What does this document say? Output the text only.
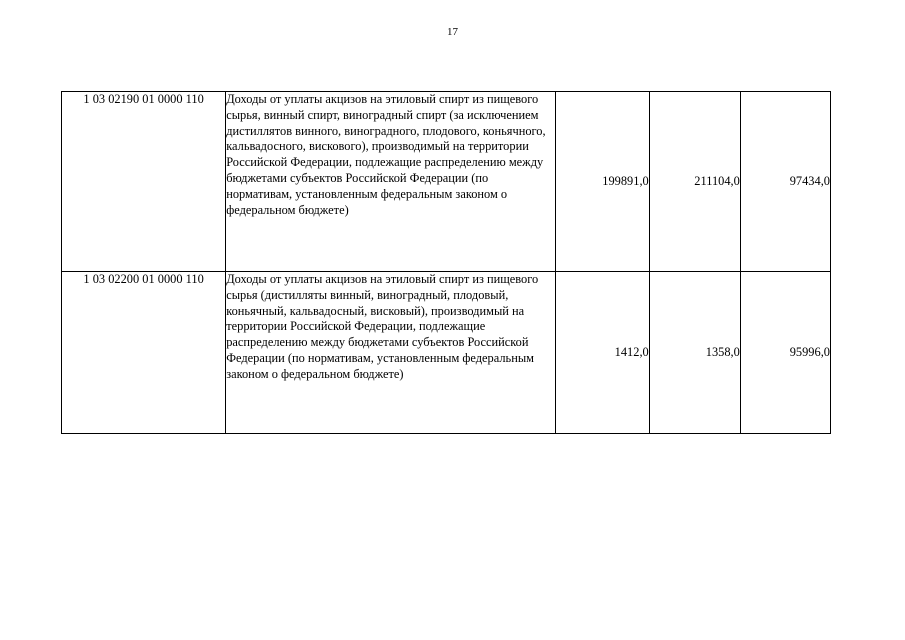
17
1 03 02190 01 0000 110	Доходы от уплаты акцизов на этиловый спирт из пищевого сырья, винный спирт, виноградный спирт (за исключением дистиллятов винного, виноградного, плодового, коньячного, кальвадосного, вискового), производимый на территории Российской Федерации, подлежащие распределению между бюджетами субъектов Российской Федерации (по нормативам, установленным федеральным законом о федеральном бюджете)	199891,0	211104,0	97434,0
1 03 02200 01 0000 110	Доходы от уплаты акцизов на этиловый спирт из пищевого сырья (дистилляты винный, виноградный, плодовый, коньячный, кальвадосный, висковый), производимый на территории Российской Федерации, подлежащие распределению между бюджетами субъектов Российской Федерации (по нормативам, установленным федеральным законом о федеральном бюджете)	1412,0	1358,0	95996,0
